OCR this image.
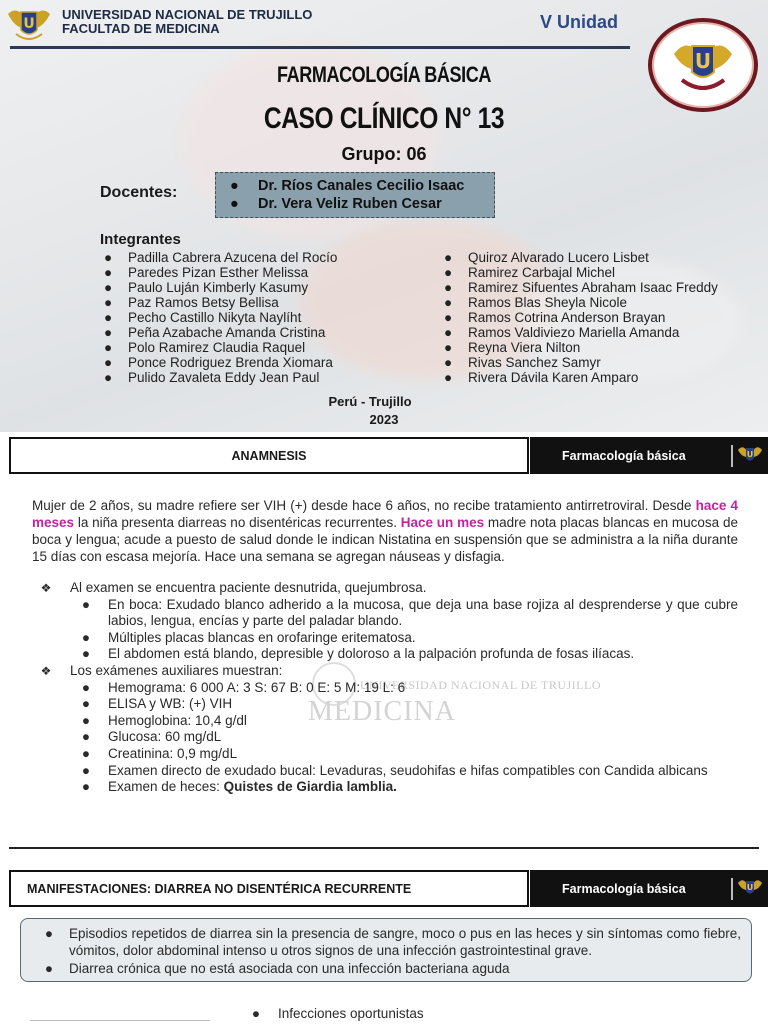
U
UNIVERSIDAD NACIONAL DE TRUJILLO
FACULTAD DE MEDICINA	V Unidad
U
FARMACOLOGÍA BÁSICA
CASO CLÍNICO N° 13
Grupo: 06
Docentes:	● Dr. Ríos Canales Cecilio Isaac
● Dr. Vera Veliz Ruben Cesar
Integrantes
● Padilla Cabrera Azucena del Rocío
● Paredes Pizan Esther Melissa
● Paulo Luján Kimberly Kasumy
● Paz Ramos Betsy Bellisa
● Pecho Castillo Nikyta Naylíht
● Peña Azabache Amanda Cristina
● Polo Ramirez Claudia Raquel
● Ponce Rodriguez Brenda Xiomara
● Pulido Zavaleta Eddy Jean Paul
● Quiroz Alvarado Lucero Lisbet
● Ramirez Carbajal Michel
● Ramirez Sifuentes Abraham Isaac Freddy
● Ramos Blas Sheyla Nicole
● Ramos Cotrina Anderson Brayan
● Ramos Valdiviezo Mariella Amanda
● Reyna Viera Nilton
● Rivas Sanchez Samyr
● Rivera Dávila Karen Amparo
Perú - Trujillo
2023
ANAMNESIS	Farmacología básica	U
Mujer de 2 años, su madre refiere ser VIH (+) desde hace 6 años, no recibe tratamiento antirretroviral. Desde hace 4 meses la niña presenta diarreas no disentéricas recurrentes. Hace un mes madre nota placas blancas en mucosa de boca y lengua; acude a puesto de salud donde le indican Nistatina en suspensión que se administra a la niña durante 15 días con escasa mejoría. Hace una semana se agregan náuseas y disfagia.
UNIVERSIDAD NACIONAL DE TRUJILLO
MEDICINA
❖ Al examen se encuentra paciente desnutrida, quejumbrosa.
● En boca: Exudado blanco adherido a la mucosa, que deja una base rojiza al desprenderse y que cubre labios, lengua, encías y parte del paladar blando.
● Múltiples placas blancas en orofaringe eritematosa.
● El abdomen está blando, depresible y doloroso a la palpación profunda de fosas ilíacas.
❖ Los exámenes auxiliares muestran:
● Hemograma: 6 000 A: 3 S: 67 B: 0 E: 5 M: 19 L: 6
● ELISA y WB: (+) VIH
● Hemoglobina: 10,4 g/dl
● Glucosa: 60 mg/dL
● Creatinina: 0,9 mg/dL
● Examen directo de exudado bucal: Levaduras, seudohifas e hifas compatibles con Candida albicans
● Examen de heces: Quistes de Giardia lamblia.
MANIFESTACIONES: DIARREA NO DISENTÉRICA RECURRENTE	Farmacología básica	U
● Episodios repetidos de diarrea sin la presencia de sangre, moco o pus en las heces y sin síntomas como fiebre, vómitos, dolor abdominal intenso u otros signos de una infección gastrointestinal grave.
● Diarrea crónica que no está asociada con una infección bacteriana aguda
● Infecciones oportunistas
